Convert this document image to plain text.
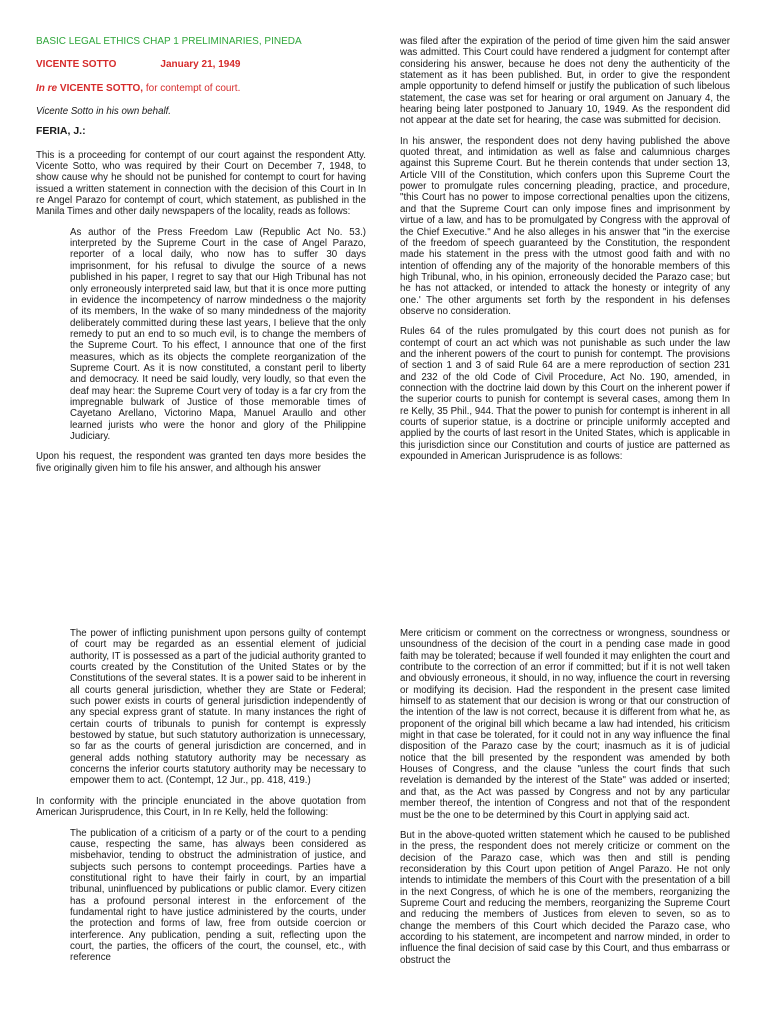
BASIC LEGAL ETHICS CHAP 1 PRELIMINARIES, PINEDA

VICENTE SOTTO	January 21, 1949

In re VICENTE SOTTO, for contempt of court.

Vicente Sotto in his own behalf.

FERIA, J.:

This is a proceeding for contempt of our court against the respondent Atty. Vicente Sotto, who was required by their Court on December 7, 1948, to show cause why he should not be punished for contempt to court for having issued a written statement in connection with the decision of this Court in In re Angel Parazo for contempt of court, which statement, as published in the Manila Times and other daily newspapers of the locality, reads as follows:

As author of the Press Freedom Law (Republic Act No. 53.) interpreted by the Supreme Court in the case of Angel Parazo, reporter of a local daily, who now has to suffer 30 days imprisonment, for his refusal to divulge the source of a news published in his paper, I regret to say that our High Tribunal has not only erroneously interpreted said law, but that it is once more putting in evidence the incompetency of narrow mindedness o the majority of its members, In the wake of so many mindedness of the majority deliberately committed during these last years, I believe that the only remedy to put an end to so much evil, is to change the members of the Supreme Court. To his effect, I announce that one of the first measures, which as its objects the complete reorganization of the Supreme Court. As it is now constituted, a constant peril to liberty and democracy. It need be said loudly, very loudly, so that even the deaf may hear: the Supreme Court very of today is a far cry from the impregnable bulwark of Justice of those memorable times of Cayetano Arellano, Victorino Mapa, Manuel Araullo and other learned jurists who were the honor and glory of the Philippine Judiciary.

Upon his request, the respondent was granted ten days more besides the five originally given him to file his answer, and although his answer

was filed after the expiration of the period of time given him the said answer was admitted. This Court could have rendered a judgment for contempt after considering his answer, because he does not deny the authenticity of the statement as it has been published. But, in order to give the respondent ample opportunity to defend himself or justify the publication of such libelous statement, the case was set for hearing or oral argument on January 4, the hearing being later postponed to January 10, 1949. As the respondent did not appear at the date set for hearing, the case was submitted for decision.

In his answer, the respondent does not deny having published the above quoted threat, and intimidation as well as false and calumnious charges against this Supreme Court. But he therein contends that under section 13, Article VIII of the Constitution, which confers upon this Supreme Court the power to promulgate rules concerning pleading, practice, and procedure, "this Court has no power to impose correctional penalties upon the citizens, and that the Supreme Court can only impose fines and imprisonment by virtue of a law, and has to be promulgated by Congress with the approval of the Chief Executive." And he also alleges in his answer that "in the exercise of the freedom of speech guaranteed by the Constitution, the respondent made his statement in the press with the utmost good faith and with no intention of offending any of the majority of the honorable members of this high Tribunal, who, in his opinion, erroneously decided the Parazo case; but he has not attacked, or intended to attack the honesty or integrity of any one.' The other arguments set forth by the respondent in his defenses observe no consideration.

Rules 64 of the rules promulgated by this court does not punish as for contempt of court an act which was not punishable as such under the law and the inherent powers of the court to punish for contempt. The provisions of section 1 and 3 of said Rule 64 are a mere reproduction of section 231 and 232 of the old Code of Civil Procedure, Act No. 190, amended, in connection with the doctrine laid down by this Court on the inherent power if the superior courts to punish for contempt is several cases, among them In re Kelly, 35 Phil., 944. That the power to punish for contempt is inherent in all courts of superior statue, is a doctrine or principle uniformly accepted and applied by the courts of last resort in the United States, which is applicable in this jurisdiction since our Constitution and courts of justice are patterned as expounded in American Jurisprudence is as follows:

The power of inflicting punishment upon persons guilty of contempt of court may be regarded as an essential element of judicial authority, IT is possessed as a part of the judicial authority granted to courts created by the Constitution of the United States or by the Constitutions of the several states. It is a power said to be inherent in all courts general jurisdiction, whether they are State or Federal; such power exists in courts of general jurisdiction independently of any special express grant of statute. In many instances the right of certain courts of tribunals to punish for contempt is expressly bestowed by statue, but such statutory authorization is unnecessary, so far as the courts of general jurisdiction are concerned, and in general adds nothing statutory authority may be necessary as concerns the inferior courts statutory authority may be necessary to empower them to act. (Contempt, 12 Jur., pp. 418, 419.)

In conformity with the principle enunciated in the above quotation from American Jurisprudence, this Court, in In re Kelly, held the following:

The publication of a criticism of a party or of the court to a pending cause, respecting the same, has always been considered as misbehavior, tending to obstruct the administration of justice, and subjects such persons to contempt proceedings. Parties have a constitutional right to have their fairly in court, by an impartial tribunal, uninfluenced by publications or public clamor. Every citizen has a profound personal interest in the enforcement of the fundamental right to have justice administered by the courts, under the protection and forms of law, free from outside coercion or interference. Any publication, pending a suit, reflecting upon the court, the parties, the officers of the court, the counsel, etc., with reference

Mere criticism or comment on the correctness or wrongness, soundness or unsoundness of the decision of the court in a pending case made in good faith may be tolerated; because if well founded it may enlighten the court and contribute to the correction of an error if committed; but if it is not well taken and obviously erroneous, it should, in no way, influence the court in reversing or modifying its decision. Had the respondent in the present case limited himself to as statement that our decision is wrong or that our construction of the intention of the law is not correct, because it is different from what he, as proponent of the original bill which became a law had intended, his criticism might in that case be tolerated, for it could not in any way influence the final disposition of the Parazo case by the court; inasmuch as it is of judicial notice that the bill presented by the respondent was amended by both Houses of Congress, and the clause "unless the court finds that such revelation is demanded by the interest of the State" was added or inserted; and that, as the Act was passed by Congress and not by any particular member thereof, the intention of Congress and not that of the respondent must be the one to be determined by this Court in applying said act.

But in the above-quoted written statement which he caused to be published in the press, the respondent does not merely criticize or comment on the decision of the Parazo case, which was then and still is pending reconsideration by this Court upon petition of Angel Parazo. He not only intends to intimidate the members of this Court with the presentation of a bill in the next Congress, of which he is one of the members, reorganizing the Supreme Court and reducing the members, reorganizing the Supreme Court and reducing the members of Justices from eleven to seven, so as to change the members of this Court which decided the Parazo case, who according to his statement, are incompetent and narrow minded, in order to influence the final decision of said case by this Court, and thus embarrass or obstruct the
